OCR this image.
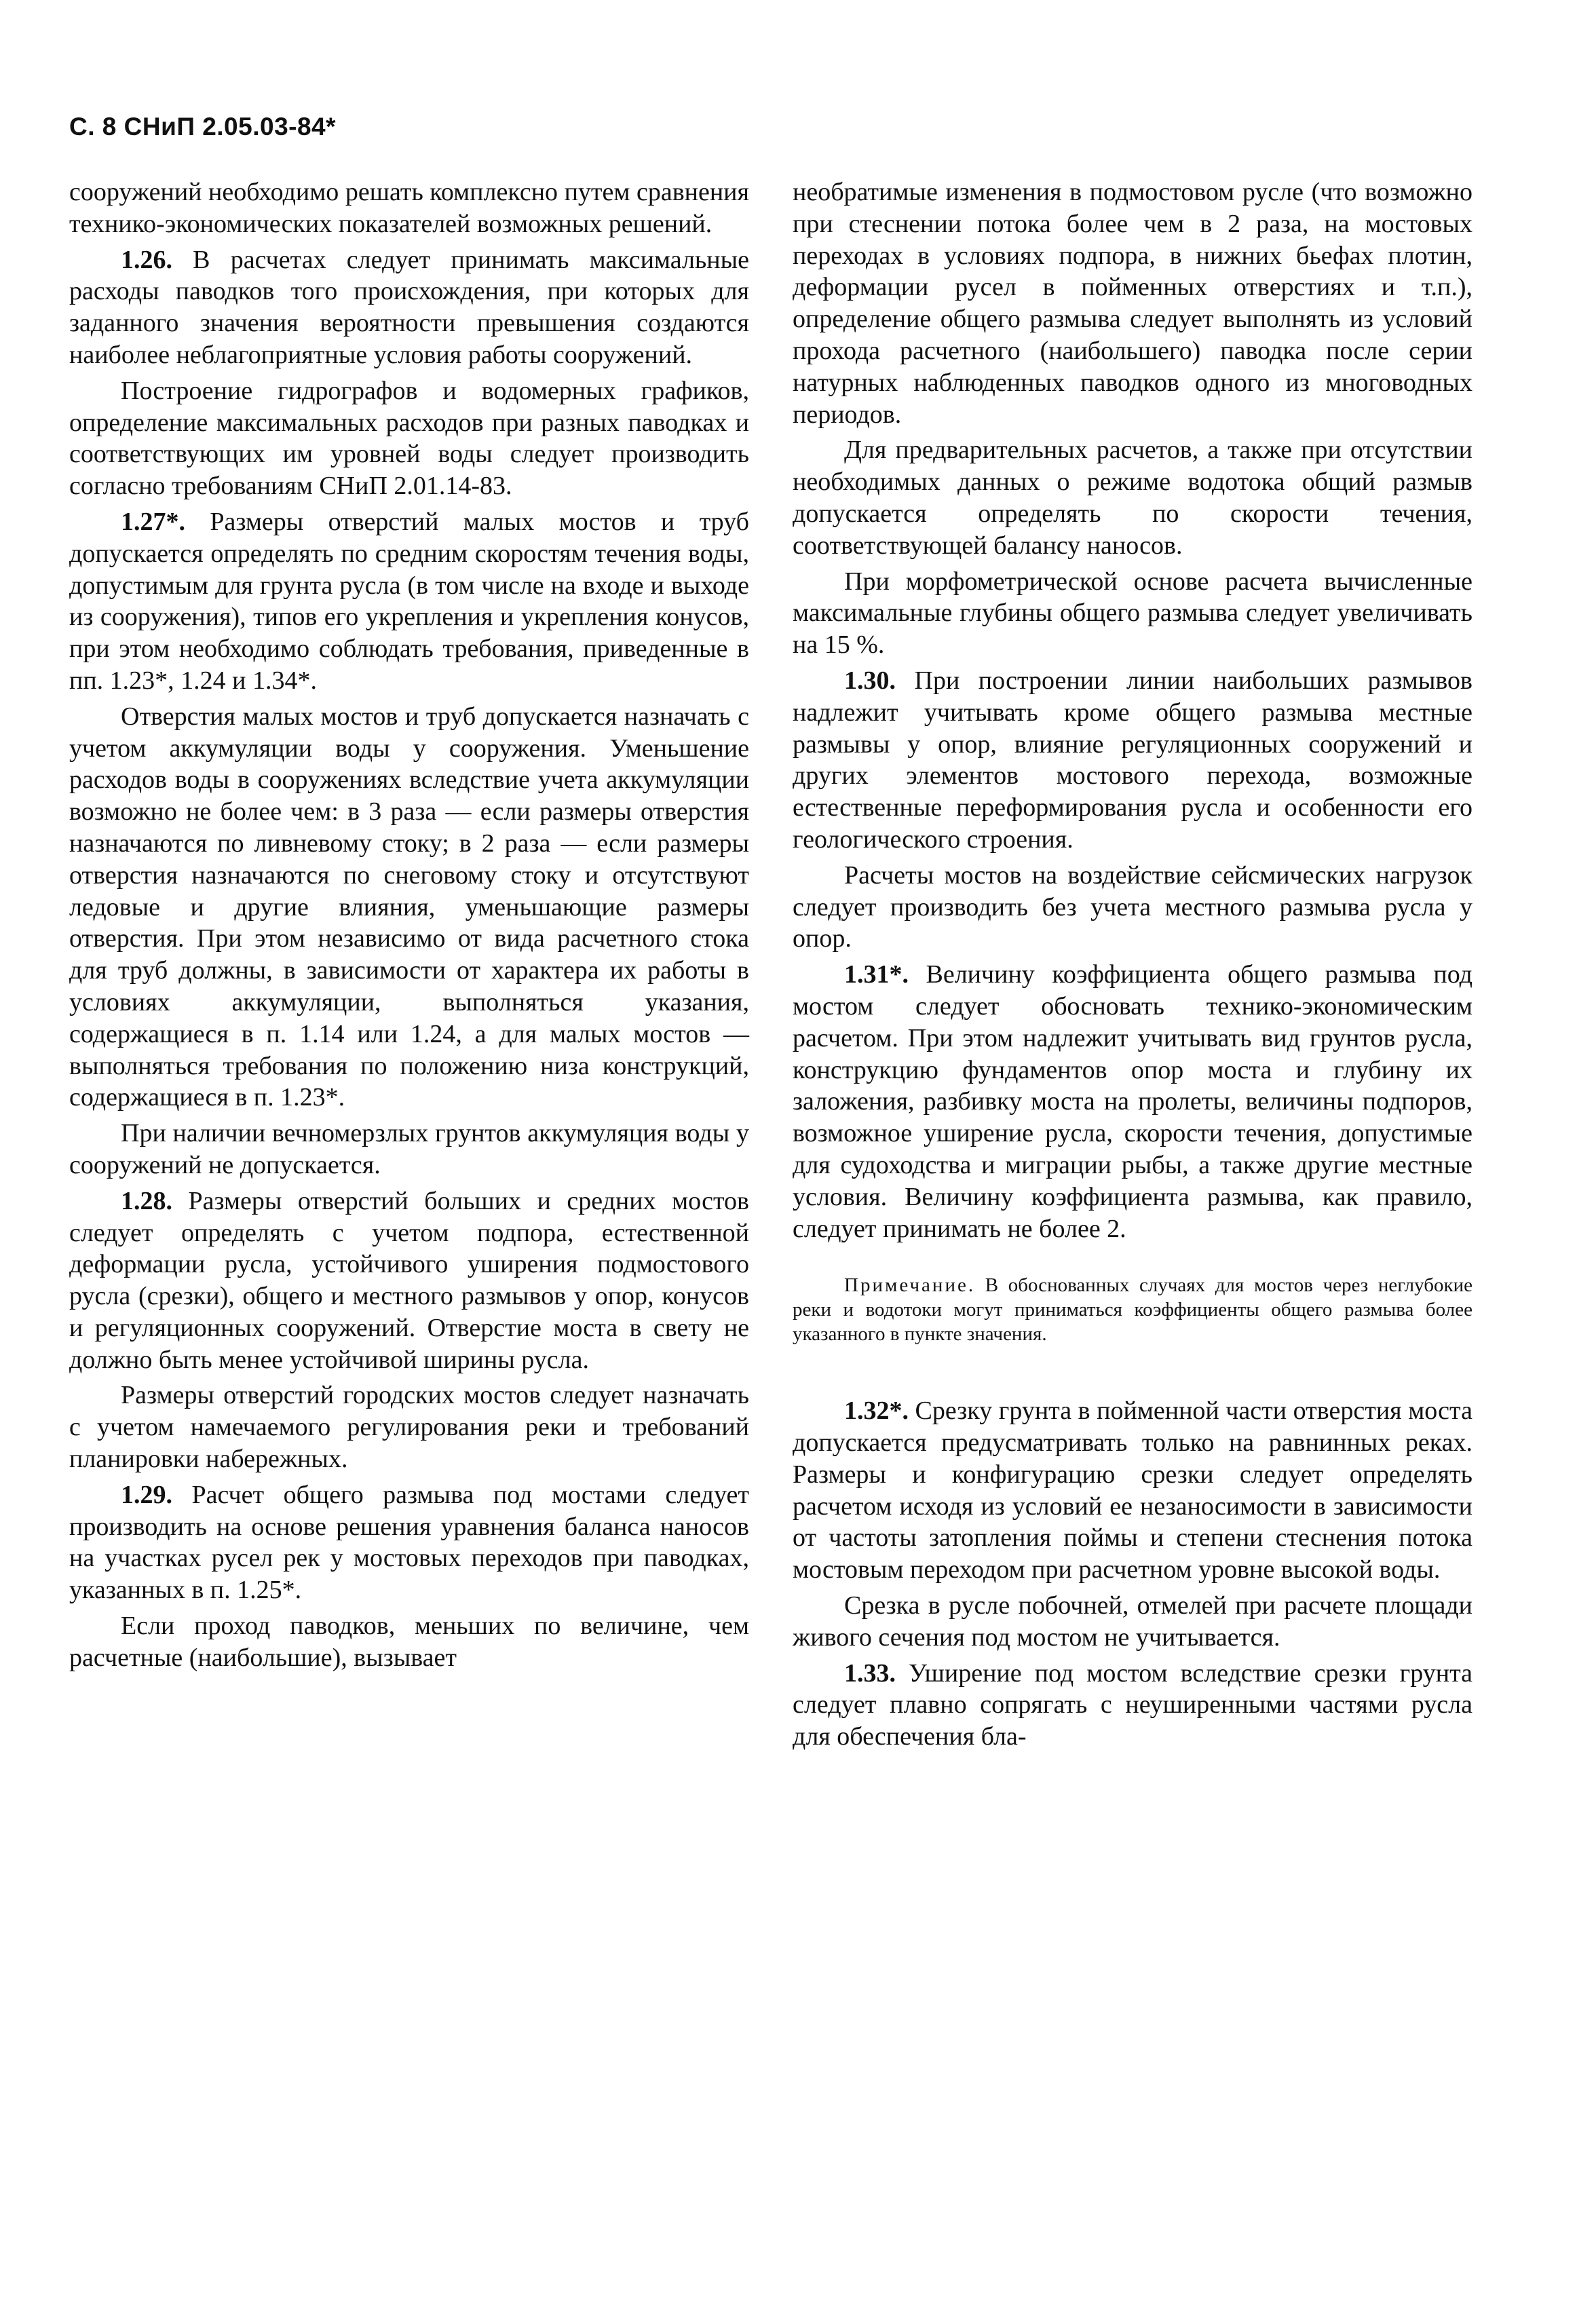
С. 8 СНиП 2.05.03-84*

сооружений необходимо решать комплексно путем сравнения технико-экономических показателей возможных решений.

1.26. В расчетах следует принимать максимальные расходы паводков того происхождения, при которых для заданного значения вероятности превышения создаются наиболее неблагоприятные условия работы сооружений.

Построение гидрографов и водомерных графиков, определение максимальных расходов при разных паводках и соответствующих им уровней воды следует производить согласно требованиям СНиП 2.01.14-83.

1.27*. Размеры отверстий малых мостов и труб допускается определять по средним скоростям течения воды, допустимым для грунта русла (в том числе на входе и выходе из сооружения), типов его укрепления и укрепления конусов, при этом необходимо соблюдать требования, приведенные в пп. 1.23*, 1.24 и 1.34*.

Отверстия малых мостов и труб допускается назначать с учетом аккумуляции воды у сооружения. Уменьшение расходов воды в сооружениях вследствие учета аккумуляции возможно не более чем: в 3 раза — если размеры отверстия назначаются по ливневому стоку; в 2 раза — если размеры отверстия назначаются по снеговому стоку и отсутствуют ледовые и другие влияния, уменьшающие размеры отверстия. При этом независимо от вида расчетного стока для труб должны, в зависимости от характера их работы в условиях аккумуляции, выполняться указания, содержащиеся в п. 1.14 или 1.24, а для малых мостов — выполняться требования по положению низа конструкций, содержащиеся в п. 1.23*.

При наличии вечномерзлых грунтов аккумуляция воды у сооружений не допускается.

1.28. Размеры отверстий больших и средних мостов следует определять с учетом подпора, естественной деформации русла, устойчивого уширения подмостового русла (срезки), общего и местного размывов у опор, конусов и регуляционных сооружений. Отверстие моста в свету не должно быть менее устойчивой ширины русла.

Размеры отверстий городских мостов следует назначать с учетом намечаемого регулирования реки и требований планировки набережных.

1.29. Расчет общего размыва под мостами следует производить на основе решения уравнения баланса наносов на участках русел рек у мостовых переходов при паводках, указанных в п. 1.25*.

Если проход паводков, меньших по величине, чем расчетные (наибольшие), вызывает

необратимые изменения в подмостовом русле (что возможно при стеснении потока более чем в 2 раза, на мостовых переходах в условиях подпора, в нижних бьефах плотин, деформации русел в пойменных отверстиях и т.п.), определение общего размыва следует выполнять из условий прохода расчетного (наибольшего) паводка после серии натурных наблюденных паводков одного из многоводных периодов.

Для предварительных расчетов, а также при отсутствии необходимых данных о режиме водотока общий размыв допускается определять по скорости течения, соответствующей балансу наносов.

При морфометрической основе расчета вычисленные максимальные глубины общего размыва следует увеличивать на 15 %.

1.30. При построении линии наибольших размывов надлежит учитывать кроме общего размыва местные размывы у опор, влияние регуляционных сооружений и других элементов мостового перехода, возможные естественные переформирования русла и особенности его геологического строения.

Расчеты мостов на воздействие сейсмических нагрузок следует производить без учета местного размыва русла у опор.

1.31*. Величину коэффициента общего размыва под мостом следует обосновать технико-экономическим расчетом. При этом надлежит учитывать вид грунтов русла, конструкцию фундаментов опор моста и глубину их заложения, разбивку моста на пролеты, величины подпоров, возможное уширение русла, скорости течения, допустимые для судоходства и миграции рыбы, а также другие местные условия. Величину коэффициента размыва, как правило, следует принимать не более 2.

Примечание. В обоснованных случаях для мостов через неглубокие реки и водотоки могут приниматься коэффициенты общего размыва более указанного в пункте значения.

1.32*. Срезку грунта в пойменной части отверстия моста допускается предусматривать только на равнинных реках. Размеры и конфигурацию срезки следует определять расчетом исходя из условий ее незаносимости в зависимости от частоты затопления поймы и степени стеснения потока мостовым переходом при расчетном уровне высокой воды.

Срезка в русле побочней, отмелей при расчете площади живого сечения под мостом не учитывается.

1.33. Уширение под мостом вследствие срезки грунта следует плавно сопрягать с неуширенными частями русла для обеспечения бла-
